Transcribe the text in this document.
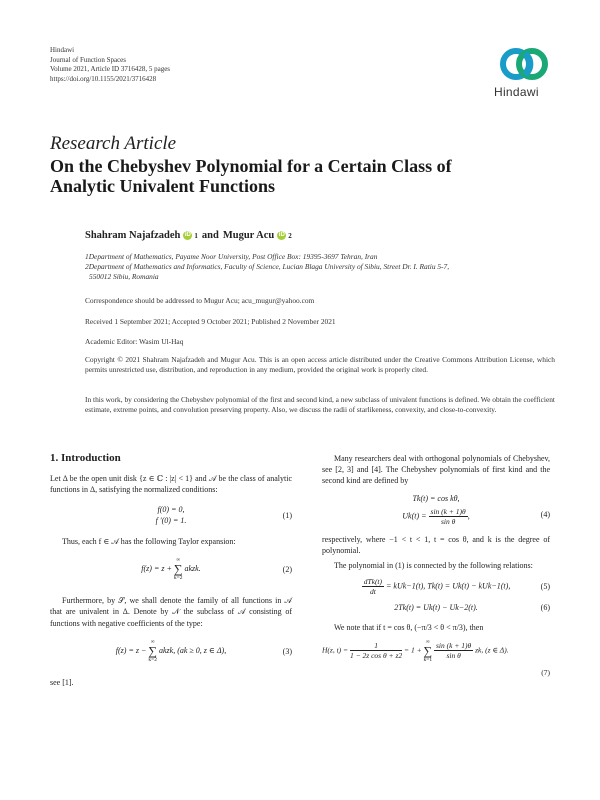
Hindawi
Journal of Function Spaces
Volume 2021, Article ID 3716428, 5 pages
https://doi.org/10.1155/2021/3716428
Hindawi
Research Article
On the Chebyshev Polynomial for a Certain Class of Analytic Univalent Functions
Shahram Najafzadeh iD 1 and Mugur Acu iD 2
1Department of Mathematics, Payame Noor University, Post Office Box: 19395-3697 Tehran, Iran
2Department of Mathematics and Informatics, Faculty of Science, Lucian Blaga University of Sibiu, Street Dr. I. Ratiu 5-7,
550012 Sibiu, Romania
Correspondence should be addressed to Mugur Acu; acu_mugur@yahoo.com
Received 1 September 2021; Accepted 9 October 2021; Published 2 November 2021
Academic Editor: Wasim Ul-Haq
Copyright © 2021 Shahram Najafzadeh and Mugur Acu. This is an open access article distributed under the Creative Commons Attribution License, which permits unrestricted use, distribution, and reproduction in any medium, provided the original work is properly cited.
In this work, by considering the Chebyshev polynomial of the first and second kind, a new subclass of univalent functions is defined. We obtain the coefficient estimate, extreme points, and convolution preserving property. Also, we discuss the radii of starlikeness, convexity, and close-to-convexity.
1. Introduction
Let Δ be the open unit disk {z ∈ ℂ : |z| < 1} and 𝒜 be the class of analytic functions in Δ, satisfying the normalized conditions:
f(0) = 0,
f ′(0) = 1.
(1)
Thus, each f ∈ 𝒜 has the following Taylor expansion:
f(z) = z + ∞
∑
k=2 akzk.	(2)
Furthermore, by 𝒮, we shall denote the family of all functions in 𝒜 that are univalent in Δ. Denote by 𝒩 the subclass of 𝒜 consisting of functions with negative coefficients of the type:
f(z) = z − ∞
∑
k=2 akzk, (ak ≥ 0, z ∈ Δ),	(3)
see [1].
Many researchers deal with orthogonal polynomials of Chebyshev, see [2, 3] and [4]. The Chebyshev polynomials of first kind and the second kind are defined by
Tk(t) = cos kθ,
$Uk(t) = \frac{\sin (k + 1)\theta}{\text{sin θ}}$ ,	(4)
respectively, where −1 < t < 1, t = cos θ, and k is the degree of polynomial.
The polynomial in (1) is connected by the following relations:
$\frac{\text{dTk(t)}}{dt} = kUk-1(t)$, Tk(t) = Uk(t) − kUk−1(t),	(5)
2Tk(t) = Uk(t) − Uk−2(t).	(6)
We note that if t = cos θ, (−π/3 < θ < π/3), then
H(z, $t) = \frac{1}{\text{1 − 2z cos θ + z2}} = 1$ + ∞
∑
$k=1 \frac{\sin (k + 1)\theta}{\text{sin θ}}$ zk, (z ∈ Δ).
(7)
